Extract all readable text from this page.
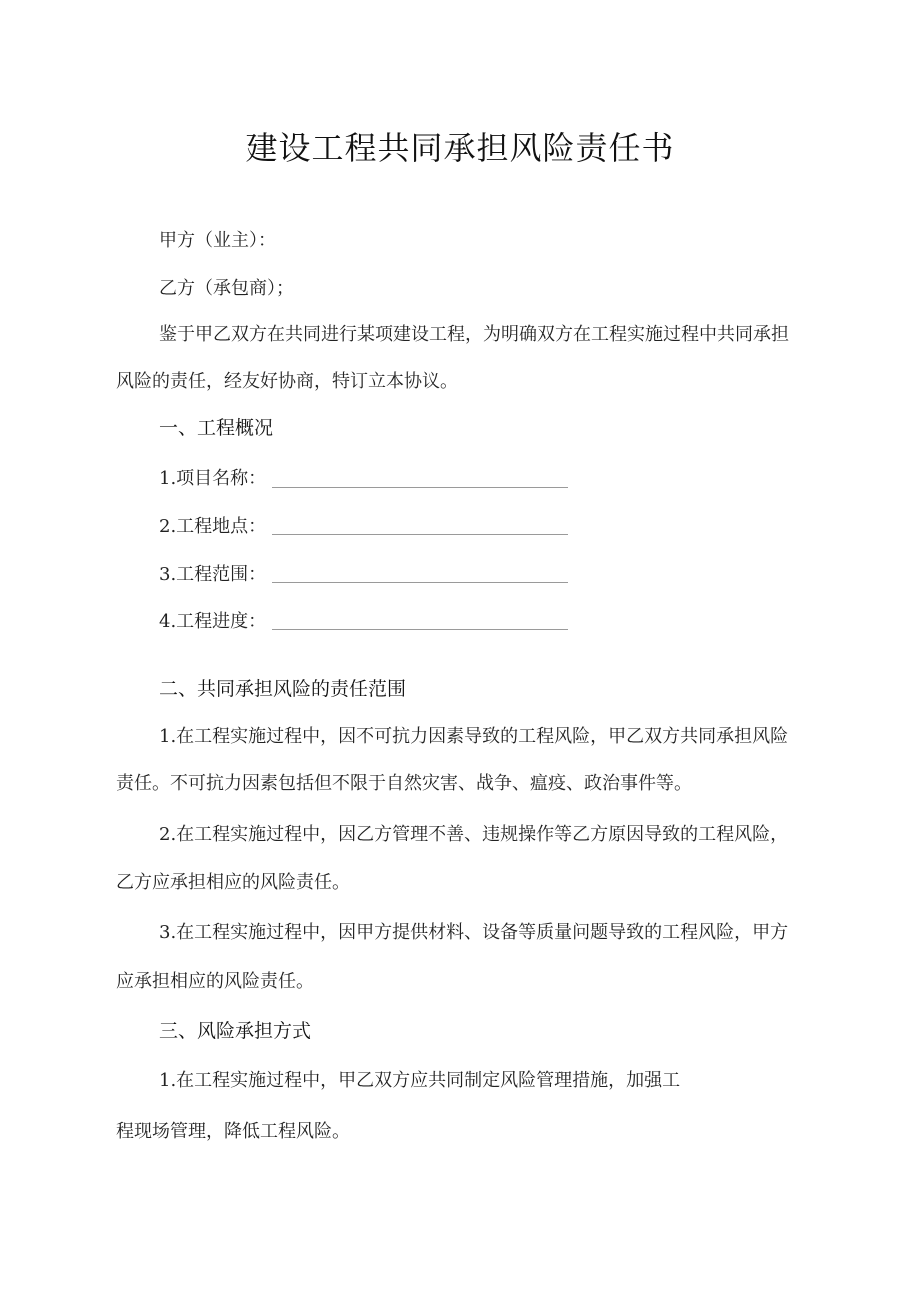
建设工程共同承担风险责任书
甲方（业主）：
乙方（承包商）；
鉴于甲乙双方在共同进行某项建设工程，为明确双方在工程实施过程中共同承担
风险的责任，经友好协商，特订立本协议。
一、工程概况
1.项目名称：
2.工程地点：
3.工程范围：
4.工程进度：
二、共同承担风险的责任范围
1.在工程实施过程中，因不可抗力因素导致的工程风险，甲乙双方共同承担风险
责任。不可抗力因素包括但不限于自然灾害、战争、瘟疫、政治事件等。
2.在工程实施过程中，因乙方管理不善、违规操作等乙方原因导致的工程风险，
乙方应承担相应的风险责任。
3.在工程实施过程中，因甲方提供材料、设备等质量问题导致的工程风险，甲方
应承担相应的风险责任。
三、风险承担方式
1.在工程实施过程中，甲乙双方应共同制定风险管理措施，加强工
程现场管理，降低工程风险。
